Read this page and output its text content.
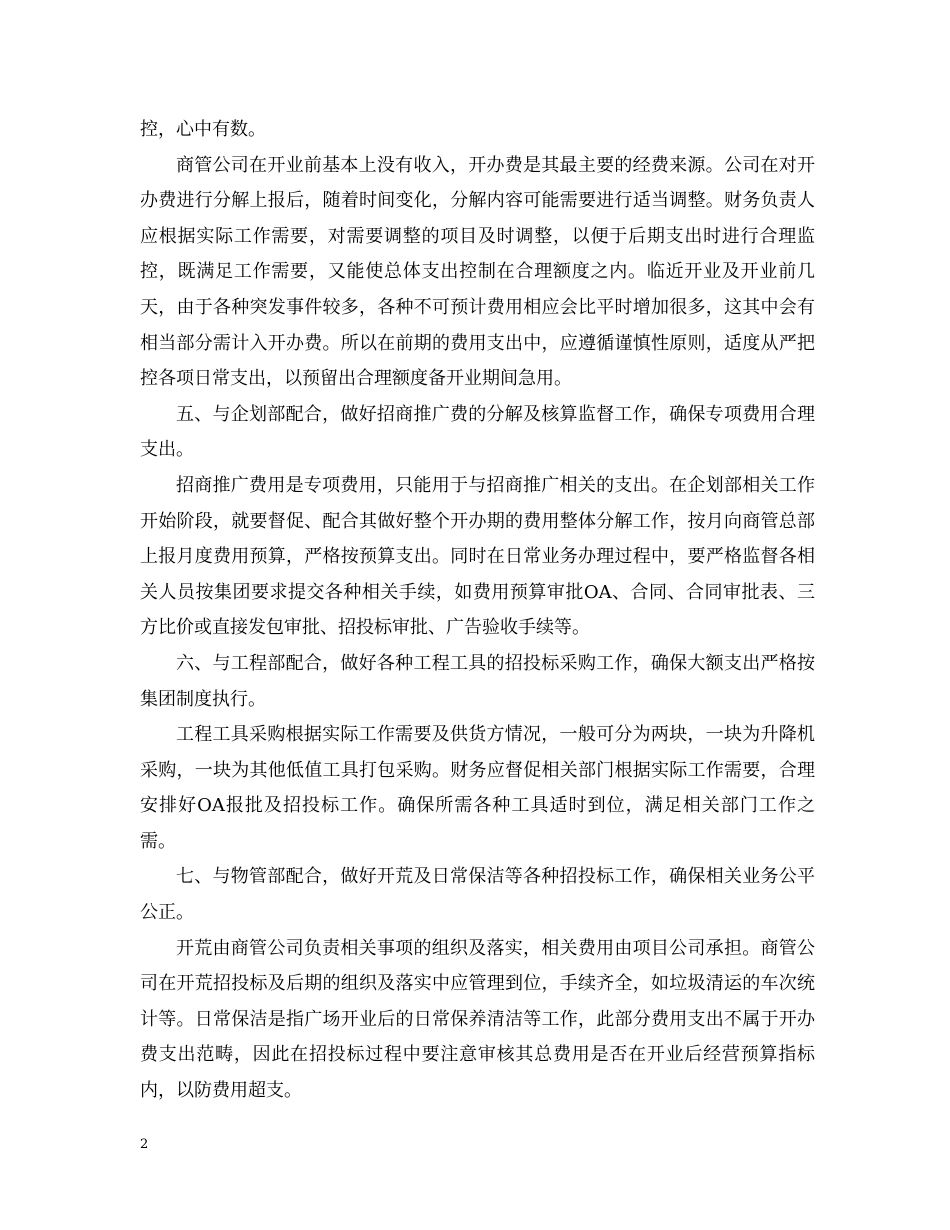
控，心中有数。

商管公司在开业前基本上没有收入，开办费是其最主要的经费来源。公司在对开办费进行分解上报后，随着时间变化，分解内容可能需要进行适当调整。财务负责人应根据实际工作需要，对需要调整的项目及时调整，以便于后期支出时进行合理监控，既满足工作需要，又能使总体支出控制在合理额度之内。临近开业及开业前几天，由于各种突发事件较多，各种不可预计费用相应会比平时增加很多，这其中会有相当部分需计入开办费。所以在前期的费用支出中，应遵循谨慎性原则，适度从严把控各项日常支出，以预留出合理额度备开业期间急用。

五、与企划部配合，做好招商推广费的分解及核算监督工作，确保专项费用合理支出。

招商推广费用是专项费用，只能用于与招商推广相关的支出。在企划部相关工作开始阶段，就要督促、配合其做好整个开办期的费用整体分解工作，按月向商管总部上报月度费用预算，严格按预算支出。同时在日常业务办理过程中，要严格监督各相关人员按集团要求提交各种相关手续，如费用预算审批OA、合同、合同审批表、三方比价或直接发包审批、招投标审批、广告验收手续等。

六、与工程部配合，做好各种工程工具的招投标采购工作，确保大额支出严格按集团制度执行。

工程工具采购根据实际工作需要及供货方情况，一般可分为两块，一块为升降机采购，一块为其他低值工具打包采购。财务应督促相关部门根据实际工作需要，合理安排好OA报批及招投标工作。确保所需各种工具适时到位，满足相关部门工作之需。

七、与物管部配合，做好开荒及日常保洁等各种招投标工作，确保相关业务公平公正。

开荒由商管公司负责相关事项的组织及落实，相关费用由项目公司承担。商管公司在开荒招投标及后期的组织及落实中应管理到位，手续齐全，如垃圾清运的车次统计等。日常保洁是指广场开业后的日常保养清洁等工作，此部分费用支出不属于开办费支出范畴，因此在招投标过程中要注意审核其总费用是否在开业后经营预算指标内，以防费用超支。

2
